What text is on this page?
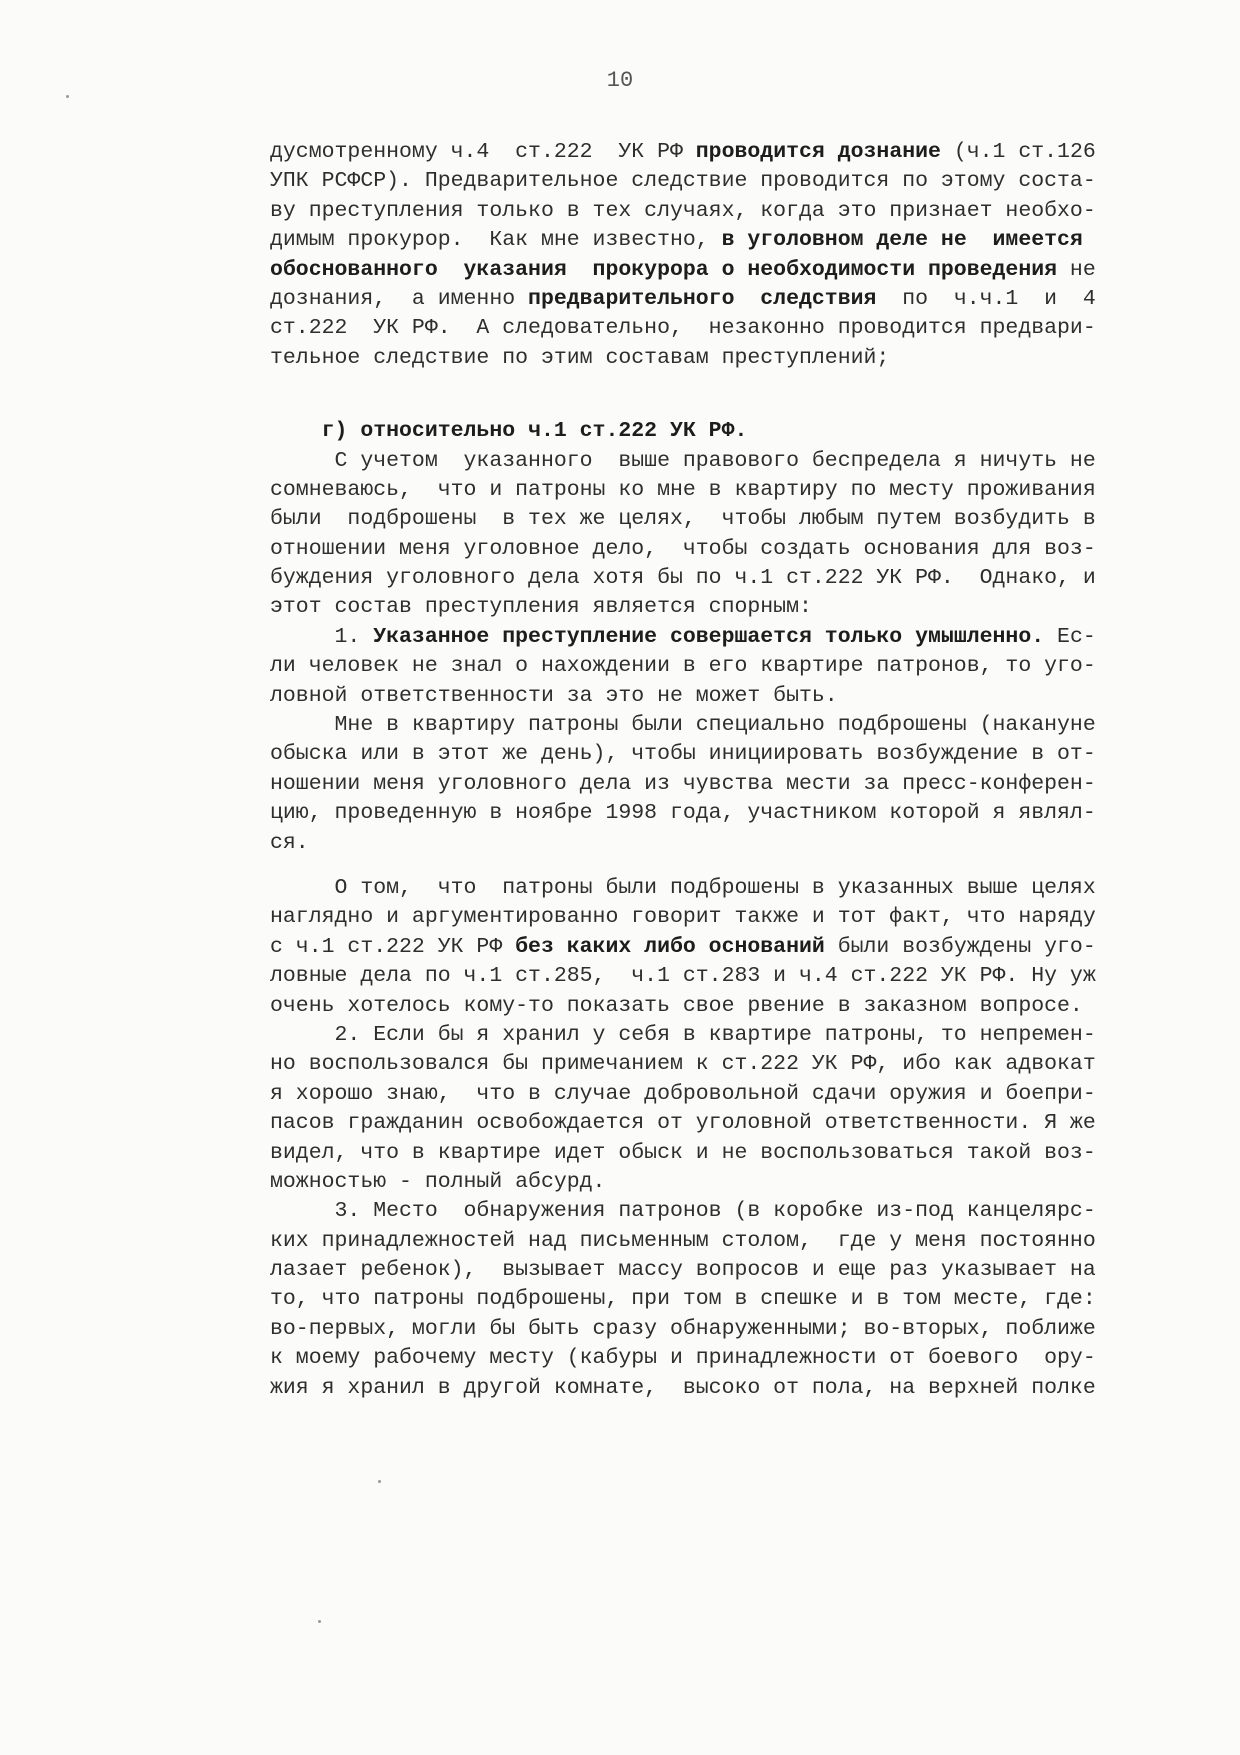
10
дусмотренному ч.4  ст.222  УК РФ проводится дознание (ч.1 ст.126
УПК РСФСР). Предварительное следствие проводится по этому соста-
ву преступления только в тех случаях, когда это признает необхо-
димым прокурор.  Как мне известно, в уголовном деле не  имеется
обоснованного  указания  прокурора о необходимости проведения не
дознания,  а именно предварительного  следствия  по  ч.ч.1  и  4
ст.222  УК РФ.  А следовательно,  незаконно проводится предвари-
тельное следствие по этим составам преступлений;
г) относительно ч.1 ст.222 УК РФ.
С учетом  указанного  выше правового беспредела я ничуть не
сомневаюсь,  что и патроны ко мне в квартиру по месту проживания
были  подброшены  в тех же целях,  чтобы любым путем возбудить в
отношении меня уголовное дело,  чтобы создать основания для воз-
буждения уголовного дела хотя бы по ч.1 ст.222 УК РФ.  Однако, и
этот состав преступления является спорным:
1. Указанное преступление совершается только умышленно. Ес-
ли человек не знал о нахождении в его квартире патронов, то уго-
ловной ответственности за это не может быть.
Мне в квартиру патроны были специально подброшены (накануне
обыска или в этот же день), чтобы инициировать возбуждение в от-
ношении меня уголовного дела из чувства мести за пресс-конферен-
цию, проведенную в ноябре 1998 года, участником которой я являл-
ся.
О том,  что  патроны были подброшены в указанных выше целях
наглядно и аргументированно говорит также и тот факт, что наряду
с ч.1 ст.222 УК РФ без каких либо оснований были возбуждены уго-
ловные дела по ч.1 ст.285,  ч.1 ст.283 и ч.4 ст.222 УК РФ. Ну уж
очень хотелось кому-то показать свое рвение в заказном вопросе.
2. Если бы я хранил у себя в квартире патроны, то непремен-
но воспользовался бы примечанием к ст.222 УК РФ, ибо как адвокат
я хорошо знаю,  что в случае добровольной сдачи оружия и боепри-
пасов гражданин освобождается от уголовной ответственности. Я же
видел, что в квартире идет обыск и не воспользоваться такой воз-
можностью - полный абсурд.
3. Место  обнаружения патронов (в коробке из-под канцелярс-
ких принадлежностей над письменным столом,  где у меня постоянно
лазает ребенок),  вызывает массу вопросов и еще раз указывает на
то, что патроны подброшены, при том в спешке и в том месте, где:
во-первых, могли бы быть сразу обнаруженными; во-вторых, поближе
к моему рабочему месту (кабуры и принадлежности от боевого  ору-
жия я хранил в другой комнате,  высоко от пола, на верхней полке
